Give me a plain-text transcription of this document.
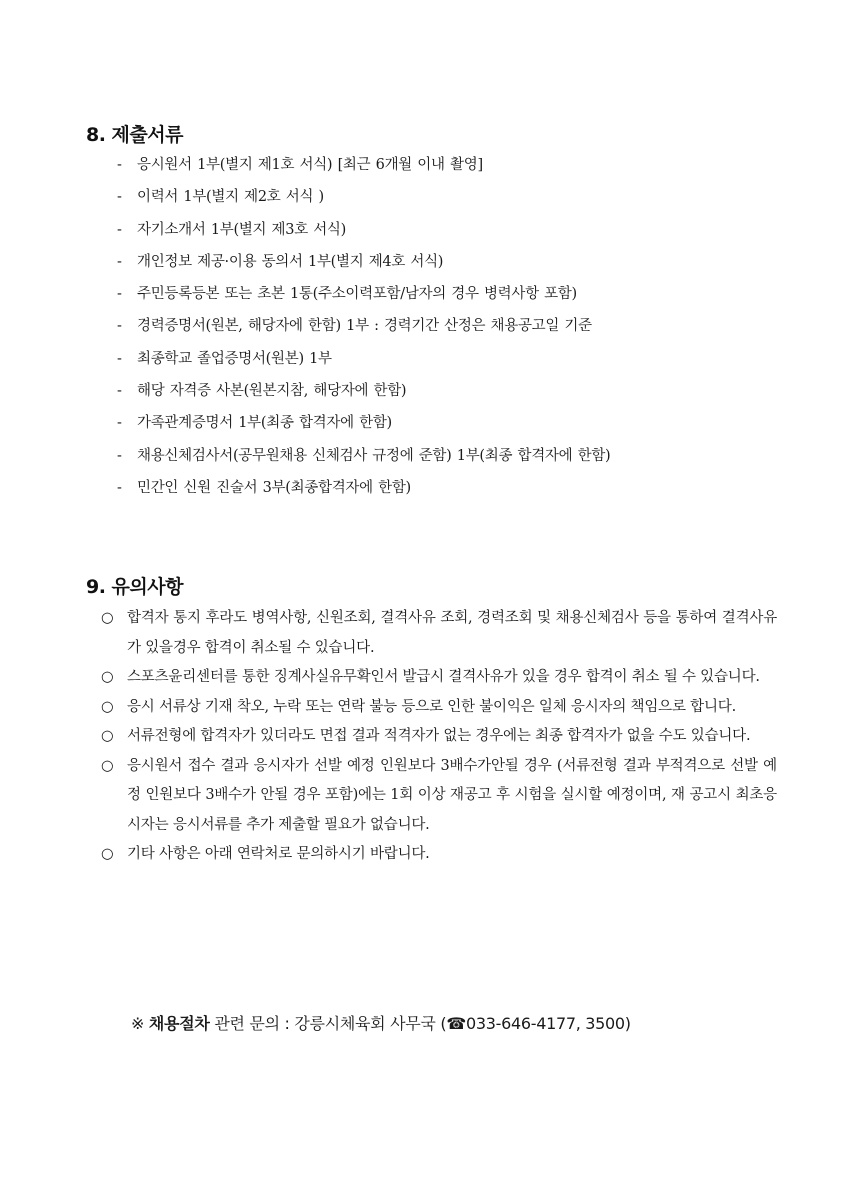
8. 제출서류
- 응시원서 1부(별지 제1호 서식) [최근 6개월 이내 촬영]
- 이력서 1부(별지 제2호 서식 )
- 자기소개서 1부(별지 제3호 서식)
- 개인정보 제공·이용 동의서 1부(별지 제4호 서식)
- 주민등록등본 또는 초본 1통(주소이력포함/남자의 경우 병력사항 포함)
- 경력증명서(원본, 해당자에 한함) 1부 : 경력기간 산정은 채용공고일 기준
- 최종학교 졸업증명서(원본) 1부
- 해당 자격증 사본(원본지참, 해당자에 한함)
- 가족관계증명서 1부(최종 합격자에 한함)
- 채용신체검사서(공무원채용 신체검사 규정에 준함) 1부(최종 합격자에 한함)
- 민간인 신원 진술서 3부(최종합격자에 한함)
9. 유의사항
○ 합격자 통지 후라도 병역사항, 신원조회, 결격사유 조회, 경력조회 및 채용신체검사 등을 통하여 결격사유가 있을경우 합격이 취소될 수 있습니다.
○ 스포츠윤리센터를 통한 징계사실유무확인서 발급시 결격사유가 있을 경우 합격이 취소 될 수 있습니다.
○ 응시 서류상 기재 착오, 누락 또는 연락 불능 등으로 인한 불이익은 일체 응시자의 책임으로 합니다.
○ 서류전형에 합격자가 있더라도 면접 결과 적격자가 없는 경우에는 최종 합격자가 없을 수도 있습니다.
○ 응시원서 접수 결과 응시자가 선발 예정 인원보다 3배수가안될 경우 (서류전형 결과 부적격으로 선발 예정 인원보다 3배수가 안될 경우 포함)에는 1회 이상 재공고 후 시험을 실시할 예정이며, 재 공고시 최초응시자는 응시서류를 추가 제출할 필요가 없습니다.
○ 기타 사항은 아래 연락처로 문의하시기 바랍니다.
※ 채용절차 관련 문의 : 강릉시체육회 사무국 (☎033-646-4177, 3500)
